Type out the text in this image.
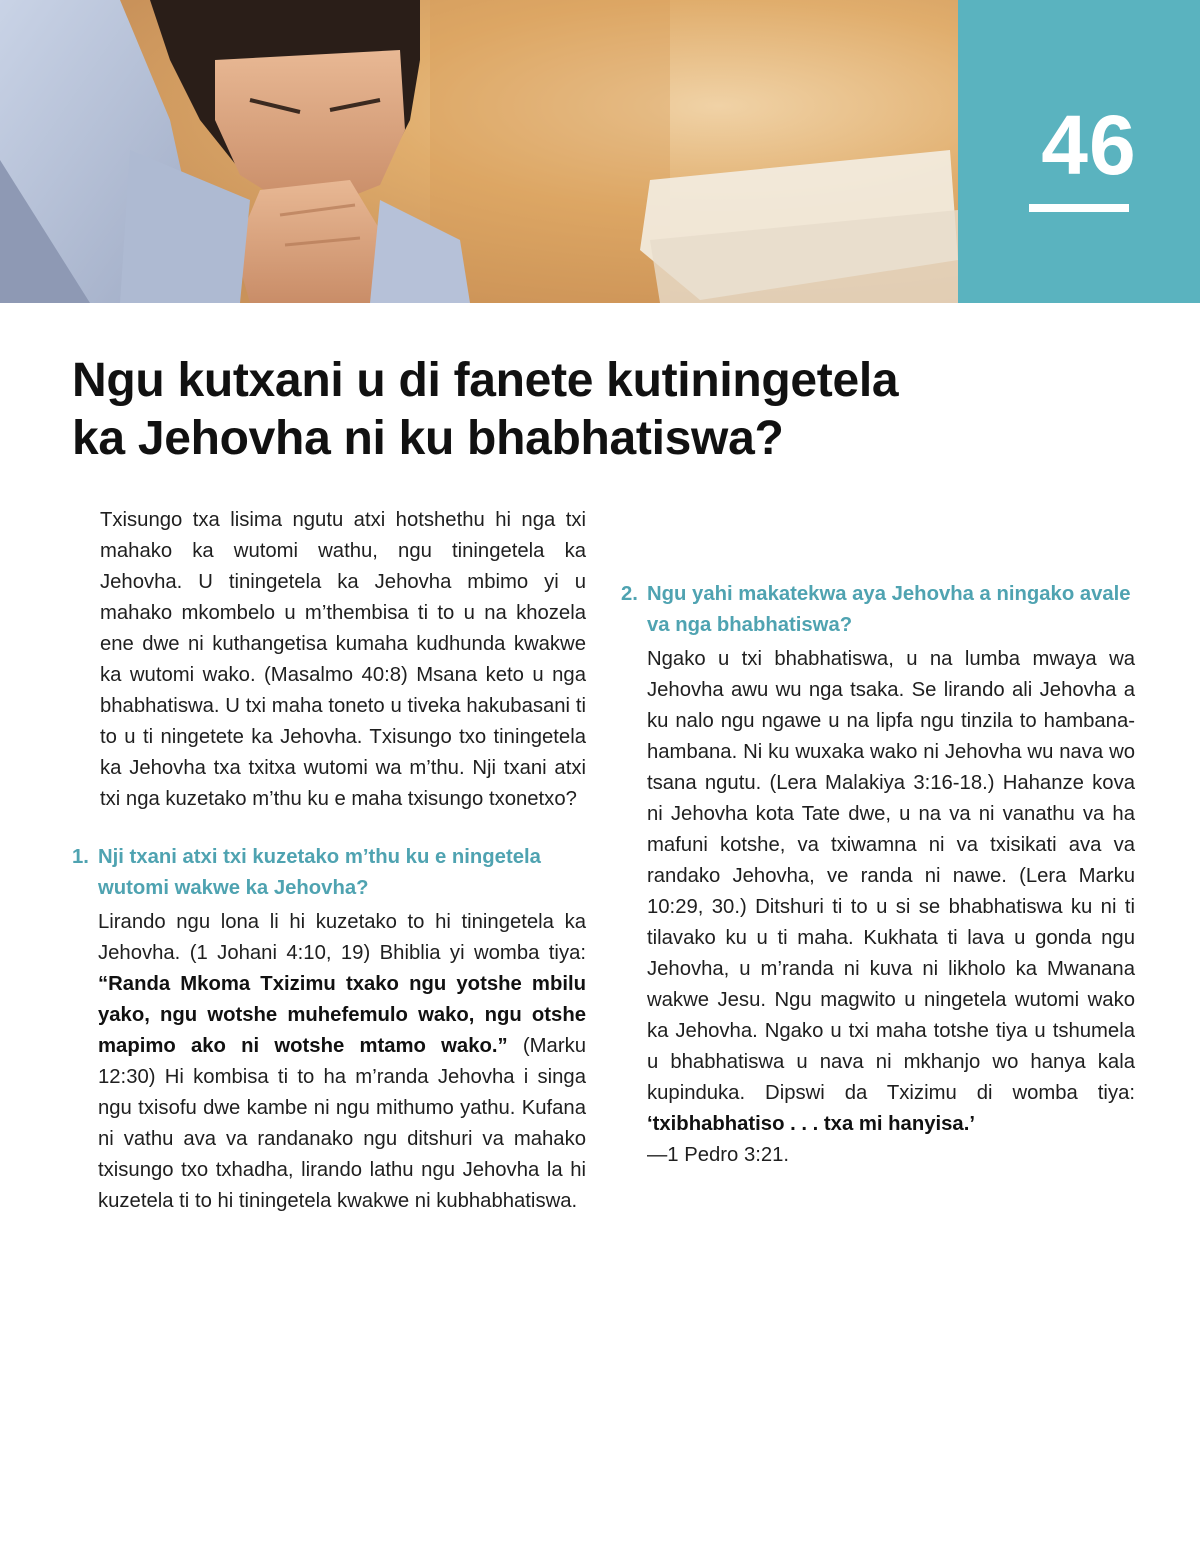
46
Ngu kutxani u di fanete kutiningetela
ka Jehovha ni ku bhabhatiswa?

Txisungo txa lisima ngutu atxi hotshethu hi nga txi mahako ka wutomi wathu, ngu tiningetela ka Jehovha. U tiningetela ka Jehovha mbimo yi u mahako mkombelo u m’thembisa ti to u na khozela ene dwe ni kuthangetisa kumaha kudhunda kwakwe ka wutomi wako. (Masalmo 40:8) Msana keto u nga bhabhatiswa. U txi maha toneto u tiveka hakubasani ti to u ti ningetete ka Jehovha. Txisungo txo tiningetela ka Jehovha txa txitxa wutomi wa m’thu. Nji txani atxi txi nga kuzetako m’thu ku e maha txisungo txonetxo?

1. Nji txani atxi txi kuzetako m’thu ku e ningetela wutomi wakwe ka Jehovha?

Lirando ngu lona li hi kuzetako to hi tiningetela ka Jehovha. (1 Johani 4:10, 19) Bhiblia yi womba tiya: “Randa Mkoma Txizimu txako ngu yotshe mbilu yako, ngu wotshe muhefemulo wako, ngu otshe mapimo ako ni wotshe mtamo wako.” (Marku 12:30) Hi kombisa ti to ha m’randa Jehovha i singa ngu txisofu dwe kambe ni ngu mithumo yathu. Kufana ni vathu ava va randanako ngu ditshuri va mahako txisungo txo txhadha, lirando lathu ngu Jehovha la hi kuzetela ti to hi tiningetela kwakwe ni kubhabhatiswa.

2. Ngu yahi makatekwa aya Jehovha a ningako avale va nga bhabhatiswa?

Ngako u txi bhabhatiswa, u na lumba mwaya wa Jehovha awu wu nga tsaka. Se lirando ali Jehovha a ku nalo ngu ngawe u na lipfa ngu tinzila to hambana-hambana. Ni ku wuxaka wako ni Jehovha wu nava wo tsana ngutu. (Lera Malakiya 3:16-18.) Hahanze kova ni Jehovha kota Tate dwe, u na va ni vanathu va ha mafuni kotshe, va txiwamna ni va txisikati ava va randako Jehovha, ve randa ni nawe. (Lera Marku 10:29, 30.) Ditshuri ti to u si se bhabhatiswa ku ni ti tilavako ku u ti maha. Kukhata ti lava u gonda ngu Jehovha, u m’randa ni kuva ni likholo ka Mwanana wakwe Jesu. Ngu magwito u ningetela wutomi wako ka Jehovha. Ngako u txi maha totshe tiya u tshumela u bhabhatiswa u nava ni mkhanjo wo hanya kala kupinduka. Dipswi da Txizimu di womba tiya: ‘txibhabhatiso . . . txa mi hanyisa.’
—1 Pedro 3:21.
